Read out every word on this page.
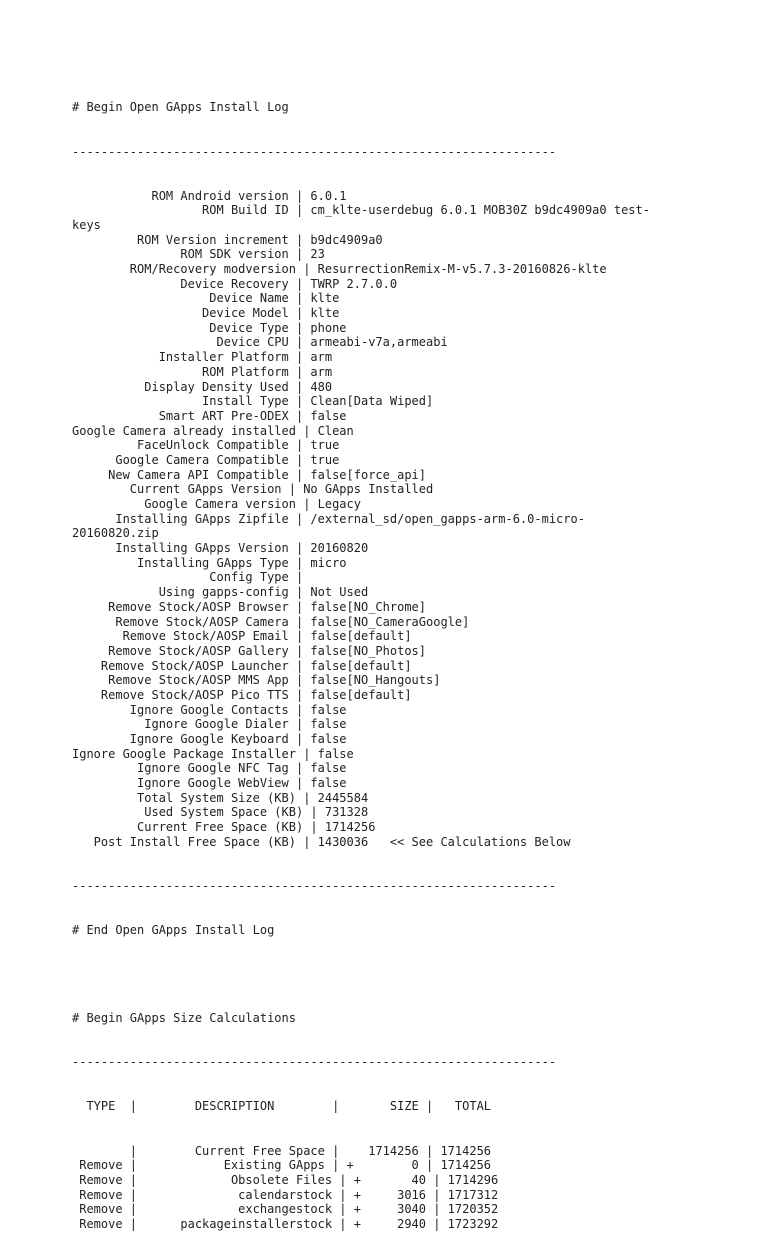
# Begin Open GApps Install Log

-------------------------------------------------------------------

ROM Android version | 6.0.1
ROM Build ID | cm_klte-userdebug 6.0.1 MOB30Z b9dc4909a0 test-
keys
ROM Version increment | b9dc4909a0
ROM SDK version | 23
ROM/Recovery modversion | ResurrectionRemix-M-v5.7.3-20160826-klte
Device Recovery | TWRP 2.7.0.0
Device Name | klte
Device Model | klte
Device Type | phone
Device CPU | armeabi-v7a,armeabi
Installer Platform | arm
ROM Platform | arm
Display Density Used | 480
Install Type | Clean[Data Wiped]
Smart ART Pre-ODEX | false
Google Camera already installed | Clean
FaceUnlock Compatible | true
Google Camera Compatible | true
New Camera API Compatible | false[force_api]
Current GApps Version | No GApps Installed
Google Camera version | Legacy
Installing GApps Zipfile | /external_sd/open_gapps-arm-6.0-micro-
20160820.zip
Installing GApps Version | 20160820
Installing GApps Type | micro
Config Type |
Using gapps-config | Not Used
Remove Stock/AOSP Browser | false[NO_Chrome]
Remove Stock/AOSP Camera | false[NO_CameraGoogle]
Remove Stock/AOSP Email | false[default]
Remove Stock/AOSP Gallery | false[NO_Photos]
Remove Stock/AOSP Launcher | false[default]
Remove Stock/AOSP MMS App | false[NO_Hangouts]
Remove Stock/AOSP Pico TTS | false[default]
Ignore Google Contacts | false
Ignore Google Dialer | false
Ignore Google Keyboard | false
Ignore Google Package Installer | false
Ignore Google NFC Tag | false
Ignore Google WebView | false
Total System Size (KB) | 2445584
Used System Space (KB) | 731328
Current Free Space (KB) | 1714256
Post Install Free Space (KB) | 1430036   << See Calculations Below

-------------------------------------------------------------------

# End Open GApps Install Log

# Begin GApps Size Calculations

-------------------------------------------------------------------

TYPE  |        DESCRIPTION        |       SIZE |   TOTAL

|        Current Free Space |    1714256 | 1714256
Remove |            Existing GApps | +        0 | 1714256
Remove |             Obsolete Files | +       40 | 1714296
Remove |              calendarstock | +     3016 | 1717312
Remove |              exchangestock | +     3040 | 1720352
Remove |      packageinstallerstock | +     2940 | 1723292
